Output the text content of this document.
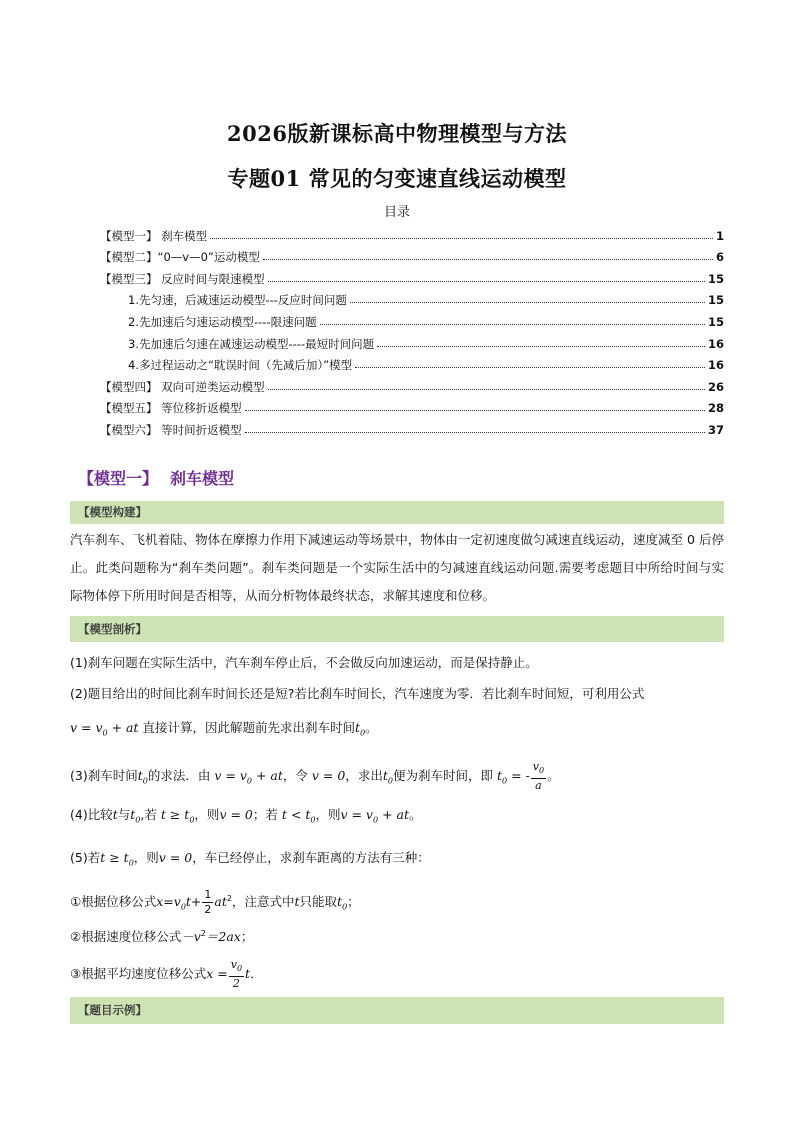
2026版新课标高中物理模型与方法
专题01 常见的匀变速直线运动模型
目录
【模型一】 刹车模型	1
【模型二】“0—v—0”运动模型	6
【模型三】 反应时间与限速模型	15
1.先匀速，后减速运动模型---反应时间问题	15
2.先加速后匀速运动模型----限速问题	15
3.先加速后匀速在减速运动模型----最短时间问题	16
4.多过程运动之“耽误时间（先减后加）”模型	16
【模型四】 双向可逆类运动模型	26
【模型五】 等位移折返模型	28
【模型六】 等时间折返模型	37
【模型一】 刹车模型
【模型构建】
汽车刹车、飞机着陆、物体在摩擦力作用下减速运动等场景中，物体由一定初速度做匀减速直线运动，速度减至 0 后停止。此类问题称为“刹车类问题”。刹车类问题是一个实际生活中的匀减速直线运动问题.需要考虑题目中所给时间与实际物体停下所用时间是否相等，从而分析物体最终状态，求解其速度和位移。
【模型剖析】
(1)刹车问题在实际生活中，汽车刹车停止后，不会做反向加速运动，而是保持静止。
(2)题目给出的时间比刹车时间长还是短?若比刹车时间长，汽车速度为零．若比刹车时间短，可利用公式
$v = v_0$ + at 直接计算，因此解题前先求出刹车时间$t_0$。
(3)刹车时间$t_0$的求法．由 $v = v_0$ + at，令 v = 0，求出$t_0$便为刹车时间，即 $t_0$ = - $\frac{v_0}{a}$ 。
(4)比较t与$t_0$,若 $t \ge t_0$，则v = 0；若 $t < t_0$，则$v = v_0$ + at。
(5)若$t \ge t_0$，则v = 0，车已经停止，求刹车距离的方法有三种：
①根据位移公式$x=v_0t+ \frac{1}{2} at^2$，注意式中t只能取$t_0$；
②根据速度位移公式$-v^2=2ax$；
③根据平均速度位移公式$x = \frac{v_0}{2}$ t．
【题目示例】
